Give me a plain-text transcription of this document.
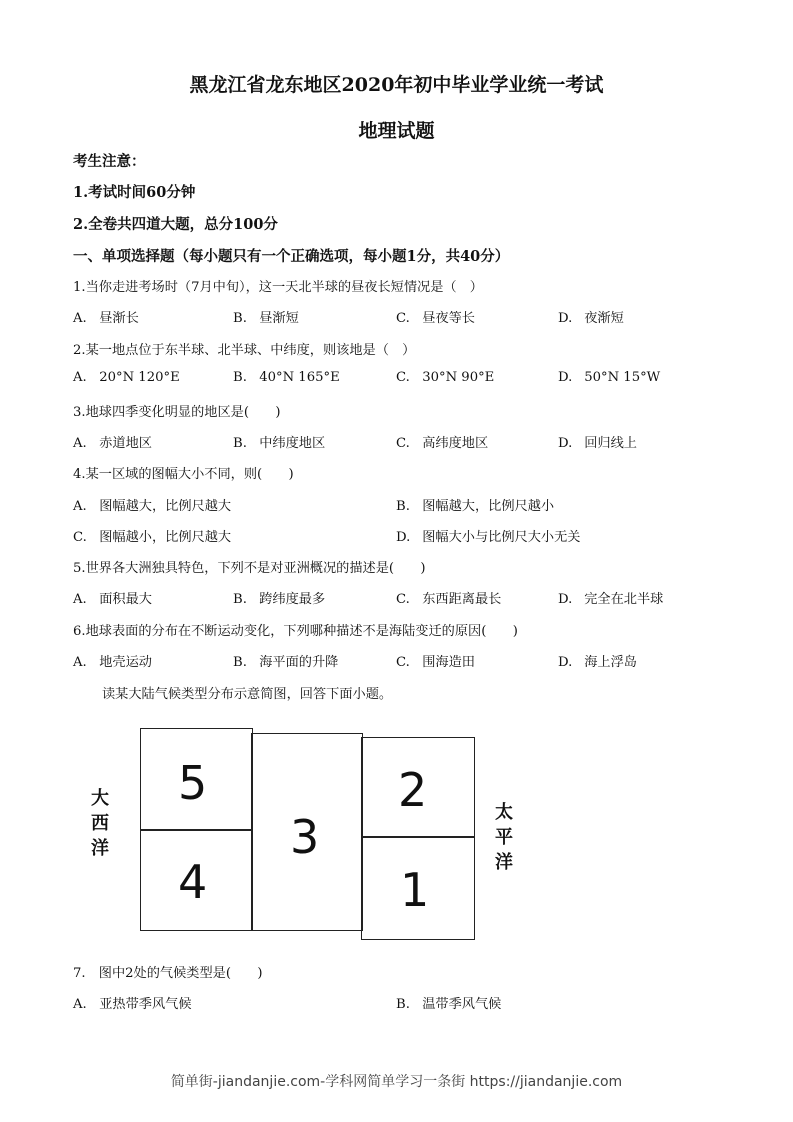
黑龙江省龙东地区2020年初中毕业学业统一考试
地理试题
考生注意：
1.考试时间60分钟
2.全卷共四道大题，总分100分
一、单项选择题（每小题只有一个正确选项，每小题1分，共40分）
1.当你走进考场时（7月中旬），这一天北半球的昼夜长短情况是（　）
A. 昼渐长	B. 昼渐短	C. 昼夜等长	D. 夜渐短
2.某一地点位于东半球、北半球、中纬度，则该地是（　）
A. 20°N 120°E	B. 40°N 165°E	C. 30°N 90°E	D. 50°N 15°W
3.地球四季变化明显的地区是(　　)
A. 赤道地区	B. 中纬度地区	C. 高纬度地区	D. 回归线上
4.某一区域的图幅大小不同，则(　　)
A. 图幅越大，比例尺越大	B. 图幅越大，比例尺越小
C. 图幅越小，比例尺越大	D. 图幅大小与比例尺大小无关
5.世界各大洲独具特色，下列不是对亚洲概况的描述是(　　)
A. 面积最大	B. 跨纬度最多	C. 东西距离最长	D. 完全在北半球
6.地球表面的分布在不断运动变化，下列哪种描述不是海陆变迁的原因(　　)
A. 地壳运动	B. 海平面的升降	C. 围海造田	D. 海上浮岛
读某大陆气候类型分布示意简图，回答下面小题。
大
西
洋
太
平
洋
5
4
3
2
1
7.　图中2处的气候类型是(　　)
A. 亚热带季风气候	B. 温带季风气候
简单街-jiandanjie.com-学科网简单学习一条街 https://jiandanjie.com
